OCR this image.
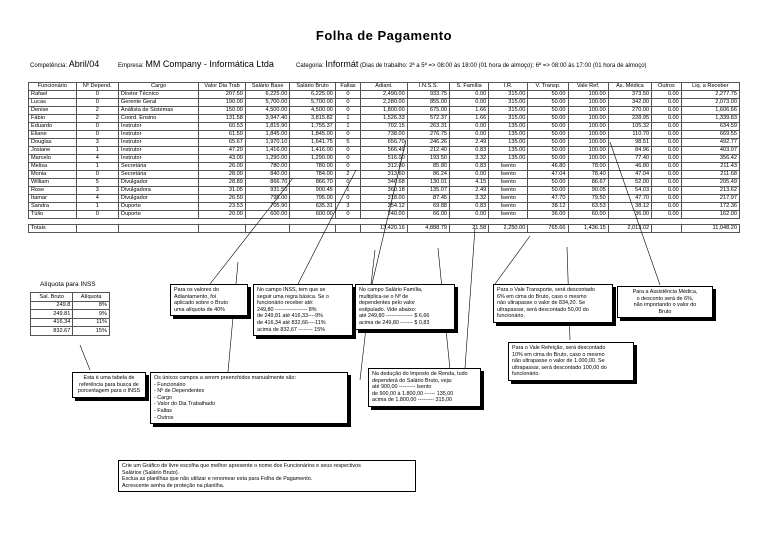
Folha de Pagamento
Competência: Abril/04	Empresa: MM Company - Informática Ltda	Categoria: Informát (Dias de trabalho: 2ª a 5ª => 08:00 às 18:00 (01 hora de almoço); 6ª => 08:00 às 17:00 (01 hora de almoço)
Funcionário	Nº Depend.	Cargo	Valor Dia Trab	Salário Base	Salário Bruto	Faltas	Adiant.	I.N.S.S.	S. Família	I.R.	V. Transp.	Vale Ref.	As. Médica	Outros	Liq. a Receber
Rafael	0	Diretor Técnico	207.50	6,225.00	6,225.00	0	2,490.00	933.75	0.00	315.00	50.00	100.00	373.50	0.00	2,277.75
Lucas	0	Gerente Geral	190.00	5,700.00	5,700.00	0	2,280.00	855.00	0.00	315.00	50.00	100.00	342.00	0.00	2,073.00
Denise	2	Análista de Sistemas	150.00	4,500.00	4,500.00	0	1,800.00	675.00	1.66	315.00	50.00	100.00	270.00	0.00	1,606.66
Fábio	2	Coord. Ensino	131.58	3,947.40	3,815.82	1	1,526.33	572.37	1.66	315.00	50.00	100.00	228.95	0.00	1,339.83
Eduardo	0	Instrutor	60.53	1,815.90	1,755.37	1	702.15	263.31	0.00	135.00	50.00	100.00	105.32	0.00	634.59
Eliane	0	Instrutor	61.50	1,845.00	1,845.00	0	738.00	276.75	0.00	135.00	50.00	100.00	110.70	0.00	669.55
Douglas	3	Instrutor	65.67	1,970.10	1,641.75	5	656.70	246.26	2.49	135.00	50.00	100.00	98.51	0.00	492.77
Josiane	1	Instrutor	47.20	1,416.00	1,416.00	0	566.40	212.40	0.83	135.00	50.00	100.00	84.96	0.00	403.07
Marcelo	4	Instrutor	43.00	1,290.00	1,290.00	0	516.00	193.50	3.32	135.00	50.00	100.00	77.40	0.00	356.42
Melisa	1	Secretária	26.00	780.00	780.00	0	312.00	85.80	0.83	Isento	46.80	78.00	46.80	0.00	211.43
Monia	0	Secretária	28.00	840.00	784.00	2	313.60	86.24	0.00	Isento	47.04	78.40	47.04	0.00	211.68
William	5	Divulgador	28.89	866.70	866.70	0	346.68	130.01	4.15	Isento	50.00	86.67	52.00	0.00	205.49
Rose	3	Divulgadora	31.05	931.50	900.45	1	360.18	135.07	2.49	Isento	50.00	90.05	54.03	0.00	213.62
Itamar	4	Divulgador	26.50	795.00	795.00	0	318.00	87.45	3.32	Isento	47.70	79.50	47.70	0.00	217.97
Sandra	1	Duporte	23.53	705.90	635.31	3	254.12	69.88	0.83	Isento	38.12	63.53	38.12	0.00	172.36
Túlio	0	Duporte	20.00	600.00	600.00	0	240.00	66.00	0.00	Isento	36.00	60.00	36.00	0.00	162.00

Totais							13,420.16	4,888.79	21.58	2,250.00	765.66	1,436.15	2,013.02		11,048.20
Alíquota para INSS
Sal. Bruto	Alíquota
249.8	8%
249.81	9%
416.34	11%
832.67	15%
Para os valores do
Adiantamento, foi
aplicado sobre o Bruto
uma alíquota de 40%
No campo INSS, tem que se
seguir uma regra básica. Se o
funcionário receber até:
249,80 ------------------ 8%
de 249,81 até 416,33----9%
de 416,34 até 832,66----11%
acima de 832,67 -------- 15%
No campo Salário Família,
multiplica-se o Nº de
dependentes pelo valor
estipulado. Vide abaixo:
até 249,80 --------------- $ 6,66
acima de 249,80 ------- $ 0,83
Para o Vale Transporte, será descontado
6% em cima do Bruto, caso o mesmo
não ultrapasse o valor de 834,20. Se
ultrapassar, será descontado 50,00 do
funcionário.
Para a Assistência Médica,
o desconto será de 6%,
não importando o valor do
Bruto
Esta é uma tabela de
referência para busca de
porcentagem para o INSS
Os únicos campos a serem preenchidos manualmente são:
- Funcionário
- Nº de Dependentes
- Cargo
- Valor do Dia Trabalhado
- Faltas
- Outros
Na dedução do Imposto de Renda, tudo
dependerá do Salário Bruto, veja:
até 900,00 --------- Isento
de 900,00 à 1.800,00 ------ 135,00
acima de 1.800,00 --------- 315,00
Para o Vale Refeição, será descontado
10% em cima do Bruto, caso o mesmo
não ultrapasse o valor de 1.000,00. Se
ultrapassar, será descontado 100,00 do
funcionário.
Crie um Gráfico de livre escolha que melhor apresente o nome dos Funcionários e seus respectivos
Salários (Salário Bruto).
Exclua as planilhas que não utilizar e renomear esta para Folha de Pagamento.
Acrescente senha de proteção na planilha.
